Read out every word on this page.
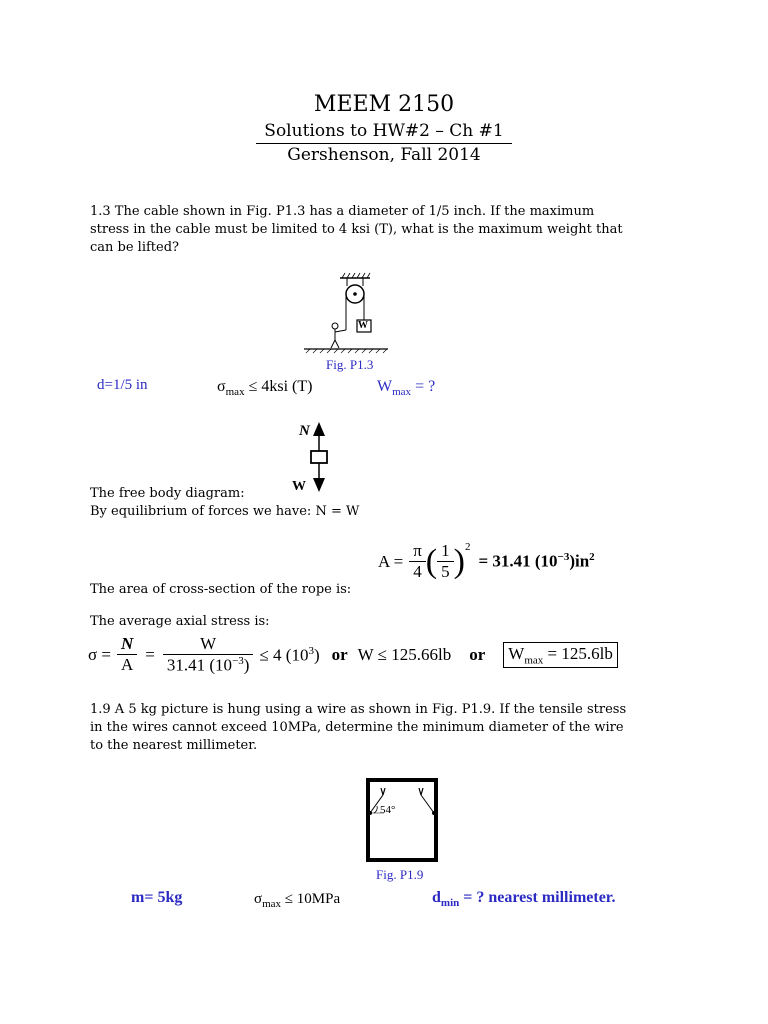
MEEM 2150
Solutions to HW#2 – Ch #1
Gershenson, Fall 2014
1.3 The cable shown in Fig. P1.3 has a diameter of 1/5 inch. If the maximum
stress in the cable must be limited to 4 ksi (T), what is the maximum weight that
can be lifted?
W
Fig. P1.3
d=1/5 in	$\sigma_{max} \le 4ksi$ (T)	$W_{max}$ = ?
N
W
The free body diagram:
By equilibrium of forces we have: N = W
$A = \frac{\pi}{4}$ ( $\frac{1}{5} )^2$
= 31.41 $(10^{-3})in^2$
The area of cross-section of the rope is:
The average axial stress is:
$\sigma = \frac{N}{A} = \frac{W}{31.41 (10^{-3})} \le 4$ $(10^3)$ or W ≤ 125.66lb or $W_{max} = 125.6lb$
1.9 A 5 kg picture is hung using a wire as shown in Fig. P1.9. If the tensile stress
in the wires cannot exceed 10MPa, determine the minimum diameter of the wire
to the nearest millimeter.
54°
Fig. P1.9
m= 5kg	$\sigma_{max} \le 10MPa$	$d_{min}$ = ? nearest millimeter.
